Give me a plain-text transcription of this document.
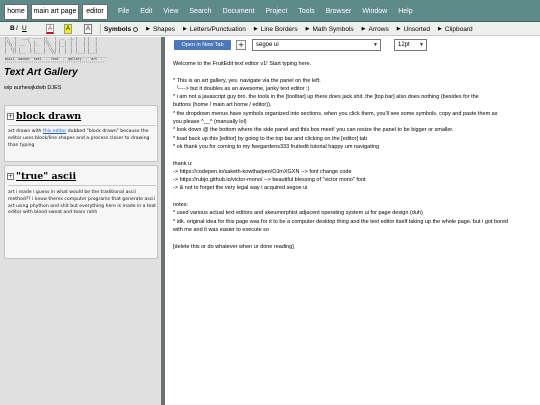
home	main art page	editor	File Edit View Search Document Project Tools Browser Window Help
B I U	A	A	A	Symbols	▶ Shapes ▶ Letters/Punctuation ▶ Line Borders ▶ Math Symbols ▶ Arrows ▶ Unsorted ▶ Clipboard
|\   |   ___/  .--- |\    |  __  _|_ |   | |   |
|\\  |      \  |    |\\   | |  |  |  |   | |   |
| \\ | .---  | |--  | \\  | |__|  |  |   | |   |
|  \\| |     | |    |  \\ | |  |  |  |   | |   |
|   \\ |___  / |___ |   \\| |  |  |  |___| |___|
_____________________________________________________
ascii  banner  text  .  font  .  gallery  .  art  .
''''''''''''''''''''''''''''''''''''''''''''''''''''
Text Art Gallery
wip aurhewjkdwb DJES
+ block drawn
art drawn with this editor dubbed "block drawn" because the editor uses block/line shapes and a process closer to drawing than typing
+ "true" ascii
art i made i guess in what would be the traditional ascii method?? i know theres computer programs that generate ascii art using phython and shit but everything here is made in a text editor with blood sweat and tears rahh
Open in New Tab	+	segoe ui	▼	12pt ▼
Welcome to the FruitEdit text editor v1! Start typing here.

* This is an art gallery, yes. navigate via the panel on the left.
└---> but it doubles as an awesome, janky text editor :)
* i am not a javascript guy bro. the tools in the [toolbar] up there does jack shit. the [top bar] also does nothing (besides for the
buttons (home / main art home / editor)).
* the dropdown menus have symbols organized into sections. when you click them, you'll see some symbols. copy and paste them as
you please ^__^ (manually lol)
* look down @ the bottom where the side panel and this box meet! you can resize the panel to be bigger or smaller.
* load back up this [editor] by going to the top bar and clicking on the [editor] tab
* ok thank you for coming to my fwegardens333 fruitedit tutorial happy um navigating

thank u:
-> https://codepen.io/saketh-kowtha/pen/OJmXGXN --> font change code
-> https://rubjo.github.io/victor-mono/ --> beautiful blessing of "victor mono" font
-> & not to forget the very legal way i acquired segoe ui

notes:
* used various actual text editors and skeumorphist adjacent operating system ui for page design (duh)
* idk. original idea for this page was for it to be a computer desktop thing and the text editor itself taking up the whole page. but i got bored
with me and it was easier to execute so

[delete this or do whatever when ur done reading]
